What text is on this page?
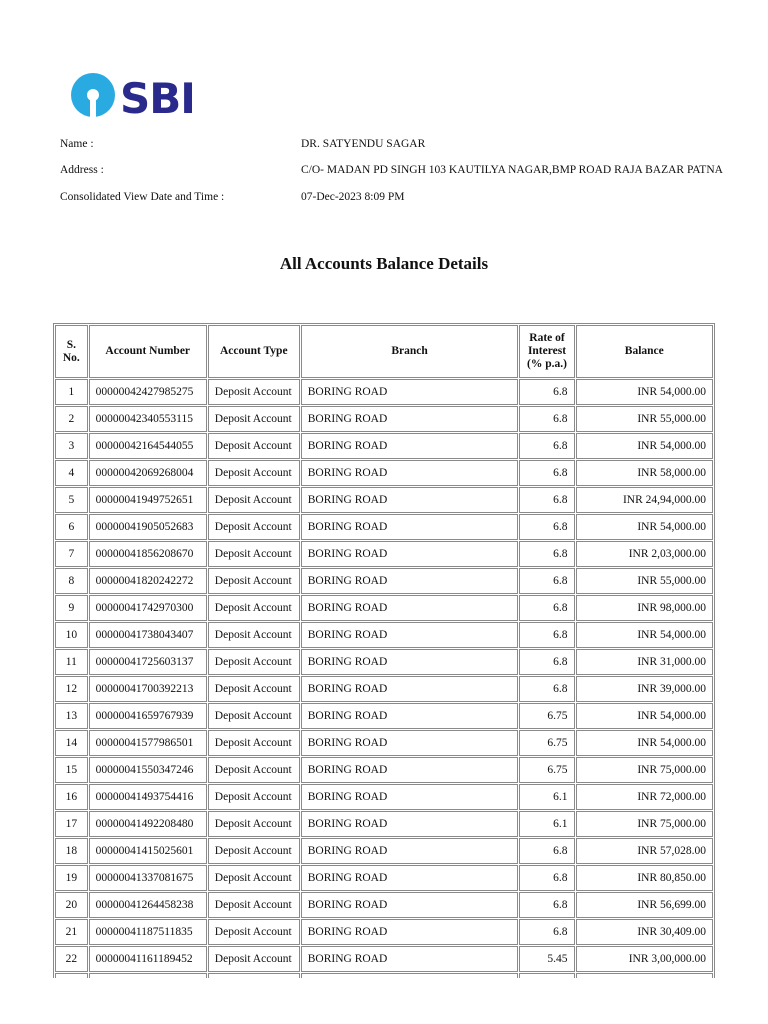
SBI
Name :	DR. SATYENDU SAGAR
Address :	C/O- MADAN PD SINGH 103 KAUTILYA NAGAR,BMP ROAD RAJA BAZAR PATNA
Consolidated View Date and Time :	07-Dec-2023 8:09 PM
All Accounts Balance Details
S. No.	Account Number	Account Type	Branch	Rate of Interest (% p.a.)	Balance
1	00000042427985275	Deposit Account	BORING ROAD	6.8	INR 54,000.00
2	00000042340553115	Deposit Account	BORING ROAD	6.8	INR 55,000.00
3	00000042164544055	Deposit Account	BORING ROAD	6.8	INR 54,000.00
4	00000042069268004	Deposit Account	BORING ROAD	6.8	INR 58,000.00
5	00000041949752651	Deposit Account	BORING ROAD	6.8	INR 24,94,000.00
6	00000041905052683	Deposit Account	BORING ROAD	6.8	INR 54,000.00
7	00000041856208670	Deposit Account	BORING ROAD	6.8	INR 2,03,000.00
8	00000041820242272	Deposit Account	BORING ROAD	6.8	INR 55,000.00
9	00000041742970300	Deposit Account	BORING ROAD	6.8	INR 98,000.00
10	00000041738043407	Deposit Account	BORING ROAD	6.8	INR 54,000.00
11	00000041725603137	Deposit Account	BORING ROAD	6.8	INR 31,000.00
12	00000041700392213	Deposit Account	BORING ROAD	6.8	INR 39,000.00
13	00000041659767939	Deposit Account	BORING ROAD	6.75	INR 54,000.00
14	00000041577986501	Deposit Account	BORING ROAD	6.75	INR 54,000.00
15	00000041550347246	Deposit Account	BORING ROAD	6.75	INR 75,000.00
16	00000041493754416	Deposit Account	BORING ROAD	6.1	INR 72,000.00
17	00000041492208480	Deposit Account	BORING ROAD	6.1	INR 75,000.00
18	00000041415025601	Deposit Account	BORING ROAD	6.8	INR 57,028.00
19	00000041337081675	Deposit Account	BORING ROAD	6.8	INR 80,850.00
20	00000041264458238	Deposit Account	BORING ROAD	6.8	INR 56,699.00
21	00000041187511835	Deposit Account	BORING ROAD	6.8	INR 30,409.00
22	00000041161189452	Deposit Account	BORING ROAD	5.45	INR 3,00,000.00
